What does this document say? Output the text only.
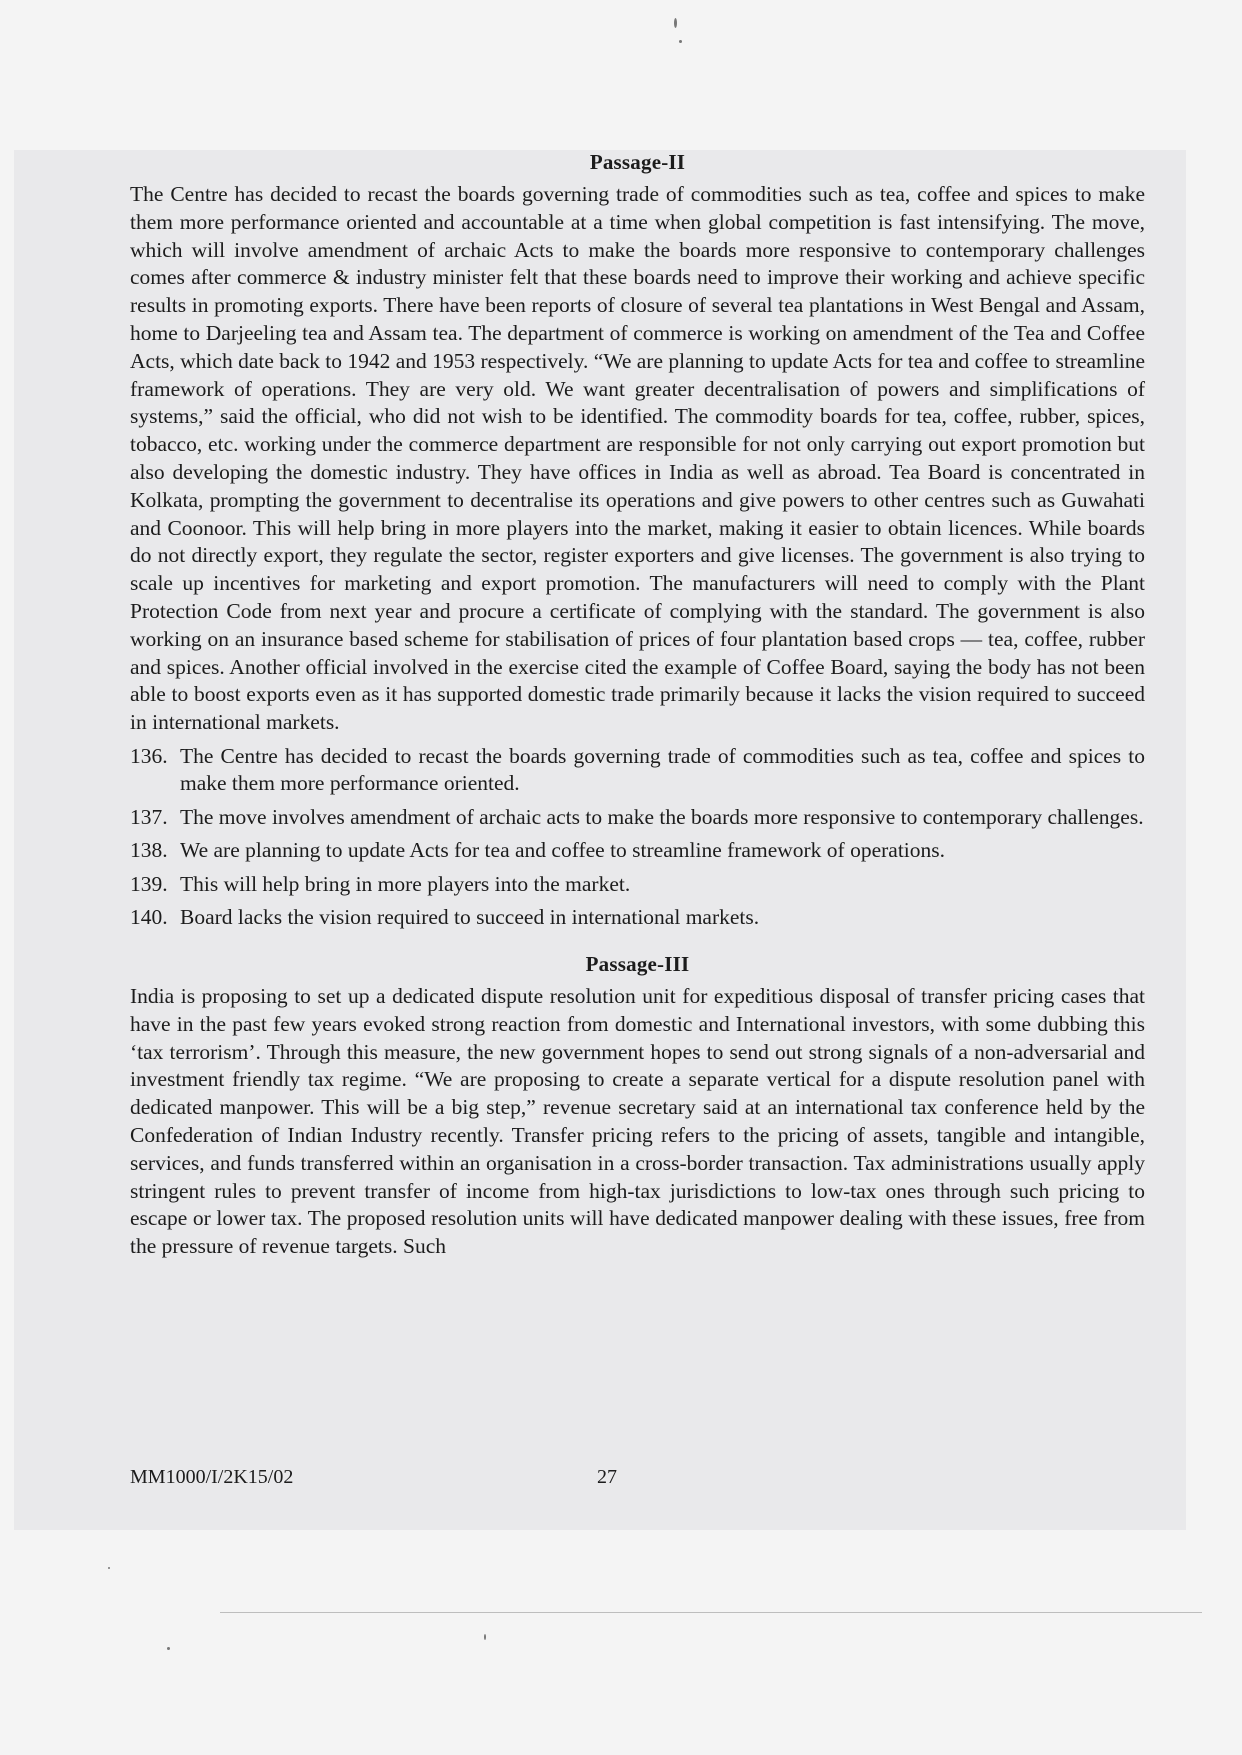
Passage-II

The Centre has decided to recast the boards governing trade of commodities such as tea, coffee and spices to make them more performance oriented and accountable at a time when global competition is fast intensifying. The move, which will involve amendment of archaic Acts to make the boards more responsive to contemporary challenges comes after commerce & industry minister felt that these boards need to improve their working and achieve specific results in promoting exports. There have been reports of closure of several tea plantations in West Bengal and Assam, home to Darjeeling tea and Assam tea. The department of commerce is working on amendment of the Tea and Coffee Acts, which date back to 1942 and 1953 respectively. “We are planning to update Acts for tea and coffee to streamline framework of operations. They are very old. We want greater decentralisation of powers and simplifications of systems,” said the official, who did not wish to be identified. The commodity boards for tea, coffee, rubber, spices, tobacco, etc. working under the commerce department are responsible for not only carrying out export promotion but also developing the domestic industry. They have offices in India as well as abroad. Tea Board is concentrated in Kolkata, prompting the government to decentralise its operations and give powers to other centres such as Guwahati and Coonoor. This will help bring in more players into the market, making it easier to obtain licences. While boards do not directly export, they regulate the sector, register exporters and give licenses. The government is also trying to scale up incentives for marketing and export promotion. The manufacturers will need to comply with the Plant Protection Code from next year and procure a certificate of complying with the standard. The government is also working on an insurance based scheme for stabilisation of prices of four plantation based crops — tea, coffee, rubber and spices. Another official involved in the exercise cited the example of Coffee Board, saying the body has not been able to boost exports even as it has supported domestic trade primarily because it lacks the vision required to succeed in international markets.

136. The Centre has decided to recast the boards governing trade of commodities such as tea, coffee and spices to make them more performance oriented.
137. The move involves amendment of archaic acts to make the boards more responsive to contemporary challenges.
138. We are planning to update Acts for tea and coffee to streamline framework of operations.
139. This will help bring in more players into the market.
140. Board lacks the vision required to succeed in international markets.
Passage-III

India is proposing to set up a dedicated dispute resolution unit for expeditious disposal of transfer pricing cases that have in the past few years evoked strong reaction from domestic and International investors, with some dubbing this ‘tax terrorism’. Through this measure, the new government hopes to send out strong signals of a non-adversarial and investment friendly tax regime. “We are proposing to create a separate vertical for a dispute resolution panel with dedicated manpower. This will be a big step,” revenue secretary said at an international tax conference held by the Confederation of Indian Industry recently. Transfer pricing refers to the pricing of assets, tangible and intangible, services, and funds transferred within an organisation in a cross-border transaction. Tax administrations usually apply stringent rules to prevent transfer of income from high-tax jurisdictions to low-tax ones through such pricing to escape or lower tax. The proposed resolution units will have dedicated manpower dealing with these issues, free from the pressure of revenue targets. Such

MM1000/I/2K15/02	27
